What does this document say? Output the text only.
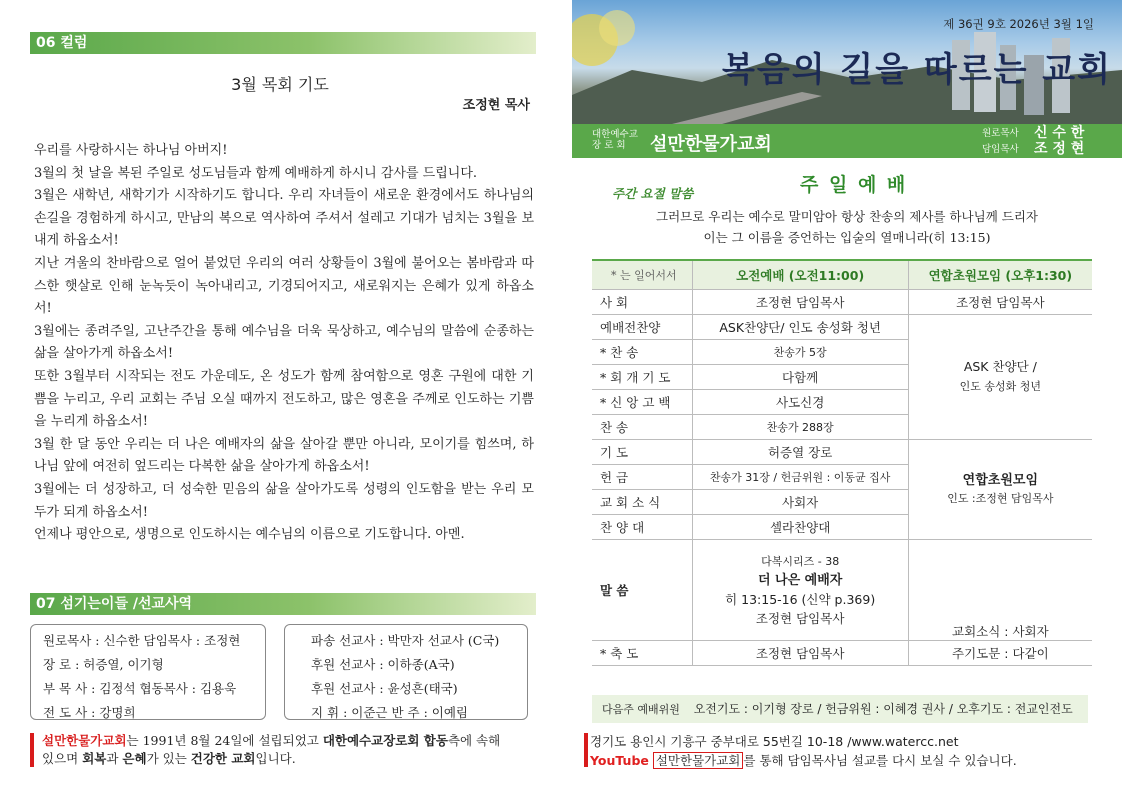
06 컬럼
3월 목회 기도
조정현 목사

우리를 사랑하시는 하나님 아버지!

3월의 첫 날을 복된 주일로 성도님들과 함께 예배하게 하시니 감사를 드립니다.

3월은 새학년, 새학기가 시작하기도 합니다. 우리 자녀들이 새로운 환경에서도 하나님의 손길을 경험하게 하시고, 만남의 복으로 역사하여 주셔서 설레고 기대가 넘치는 3월을 보내게 하옵소서!

지난 겨울의 찬바람으로 얼어 붙었던 우리의 여러 상황들이 3월에 불어오는 봄바람과 따스한 햇살로 인해 눈녹듯이 녹아내리고, 기경되어지고, 새로워지는 은혜가 있게 하옵소서!

3월에는 종려주일, 고난주간을 통해 예수님을 더욱 묵상하고, 예수님의 말씀에 순종하는 삶을 살아가게 하옵소서!

또한 3월부터 시작되는 전도 가운데도, 온 성도가 함께 참여함으로 영혼 구원에 대한 기쁨을 누리고, 우리 교회는 주님 오실 때까지 전도하고, 많은 영혼을 주께로 인도하는 기쁨을 누리게 하옵소서!

3월 한 달 동안 우리는 더 나은 예배자의 삶을 살아갈 뿐만 아니라, 모이기를 힘쓰며, 하나님 앞에 여전히 엎드리는 다복한 삶을 살아가게 하옵소서!

3월에는 더 성장하고, 더 성숙한 믿음의 삶을 살아가도록 성령의 인도함을 받는 우리 모두가 되게 하옵소서!

언제나 평안으로, 생명으로 인도하시는 예수님의 이름으로 기도합니다. 아멘.

07 섬기는이들 /선교사역
원로목사 : 신수한 담임목사 : 조정현
장 로 : 허증열, 이기형
부 목 사 : 김정석 협동목사 : 김용욱
전 도 사 : 강명희
파송 선교사 : 박만자 선교사 (C국)
후원 선교사 : 이하종(A국)
후원 선교사 : 윤성흔(태국)
지 휘 : 이준근 반 주 : 이예림
설만한물가교회는 1991년 8월 24일에 설립되었고 대한예수교장로회 합동측에 속해
있으며 회복과 은혜가 있는 건강한 교회입니다.
제 36권 9호 2026년 3월 1일
복음의 길을 따르는 교회
대한예수교
장 로 회	설만한물가교회
원로목사
담임목사
신 수 한
조 정 현
주간 요절 말씀	주 일 예 배
그러므로 우리는 예수로 말미암아 항상 찬송의 제사를 하나님께 드리자
이는 그 이름을 증언하는 입술의 열매니라(히 13:15)
* 는 일어서서	오전예배 (오전11:00)	연합초원모임 (오후1:30)
사 회	조정현 담임목사	조정현 담임목사
예배전찬양	ASK찬양단/ 인도 송성화 청년	ASK 찬양단 /
인도 송성화 청년

* 찬 송	찬송가 5장	
* 회 개 기 도	다함께	
* 신 앙 고 백	사도신경	
찬 송	찬송가 288장	
기 도	허증열 장로	연합초원모임
인도 :조정현 담임목사

헌 금	찬송가 31장 / 헌금위원 : 이동균 집사	
교 회 소 식	사회자	
찬 양 대	셀라찬양대	
말 씀	다복시리즈 - 38
더 나은 예배자
히 13:15-16 (신약 p.369)
조정현 담임목사	

		교회소식 : 사회자
* 축 도	조정현 담임목사	주기도문 : 다같이
다음주 예배위원 오전기도 : 이기형 장로 / 헌금위원 : 이혜경 권사 / 오후기도 : 전교인전도
경기도 용인시 기흥구 중부대로 55번길 10-18 /www.watercc.net
YouTube 설만한물가교회 를 통해 담임목사님 설교를 다시 보실 수 있습니다.
